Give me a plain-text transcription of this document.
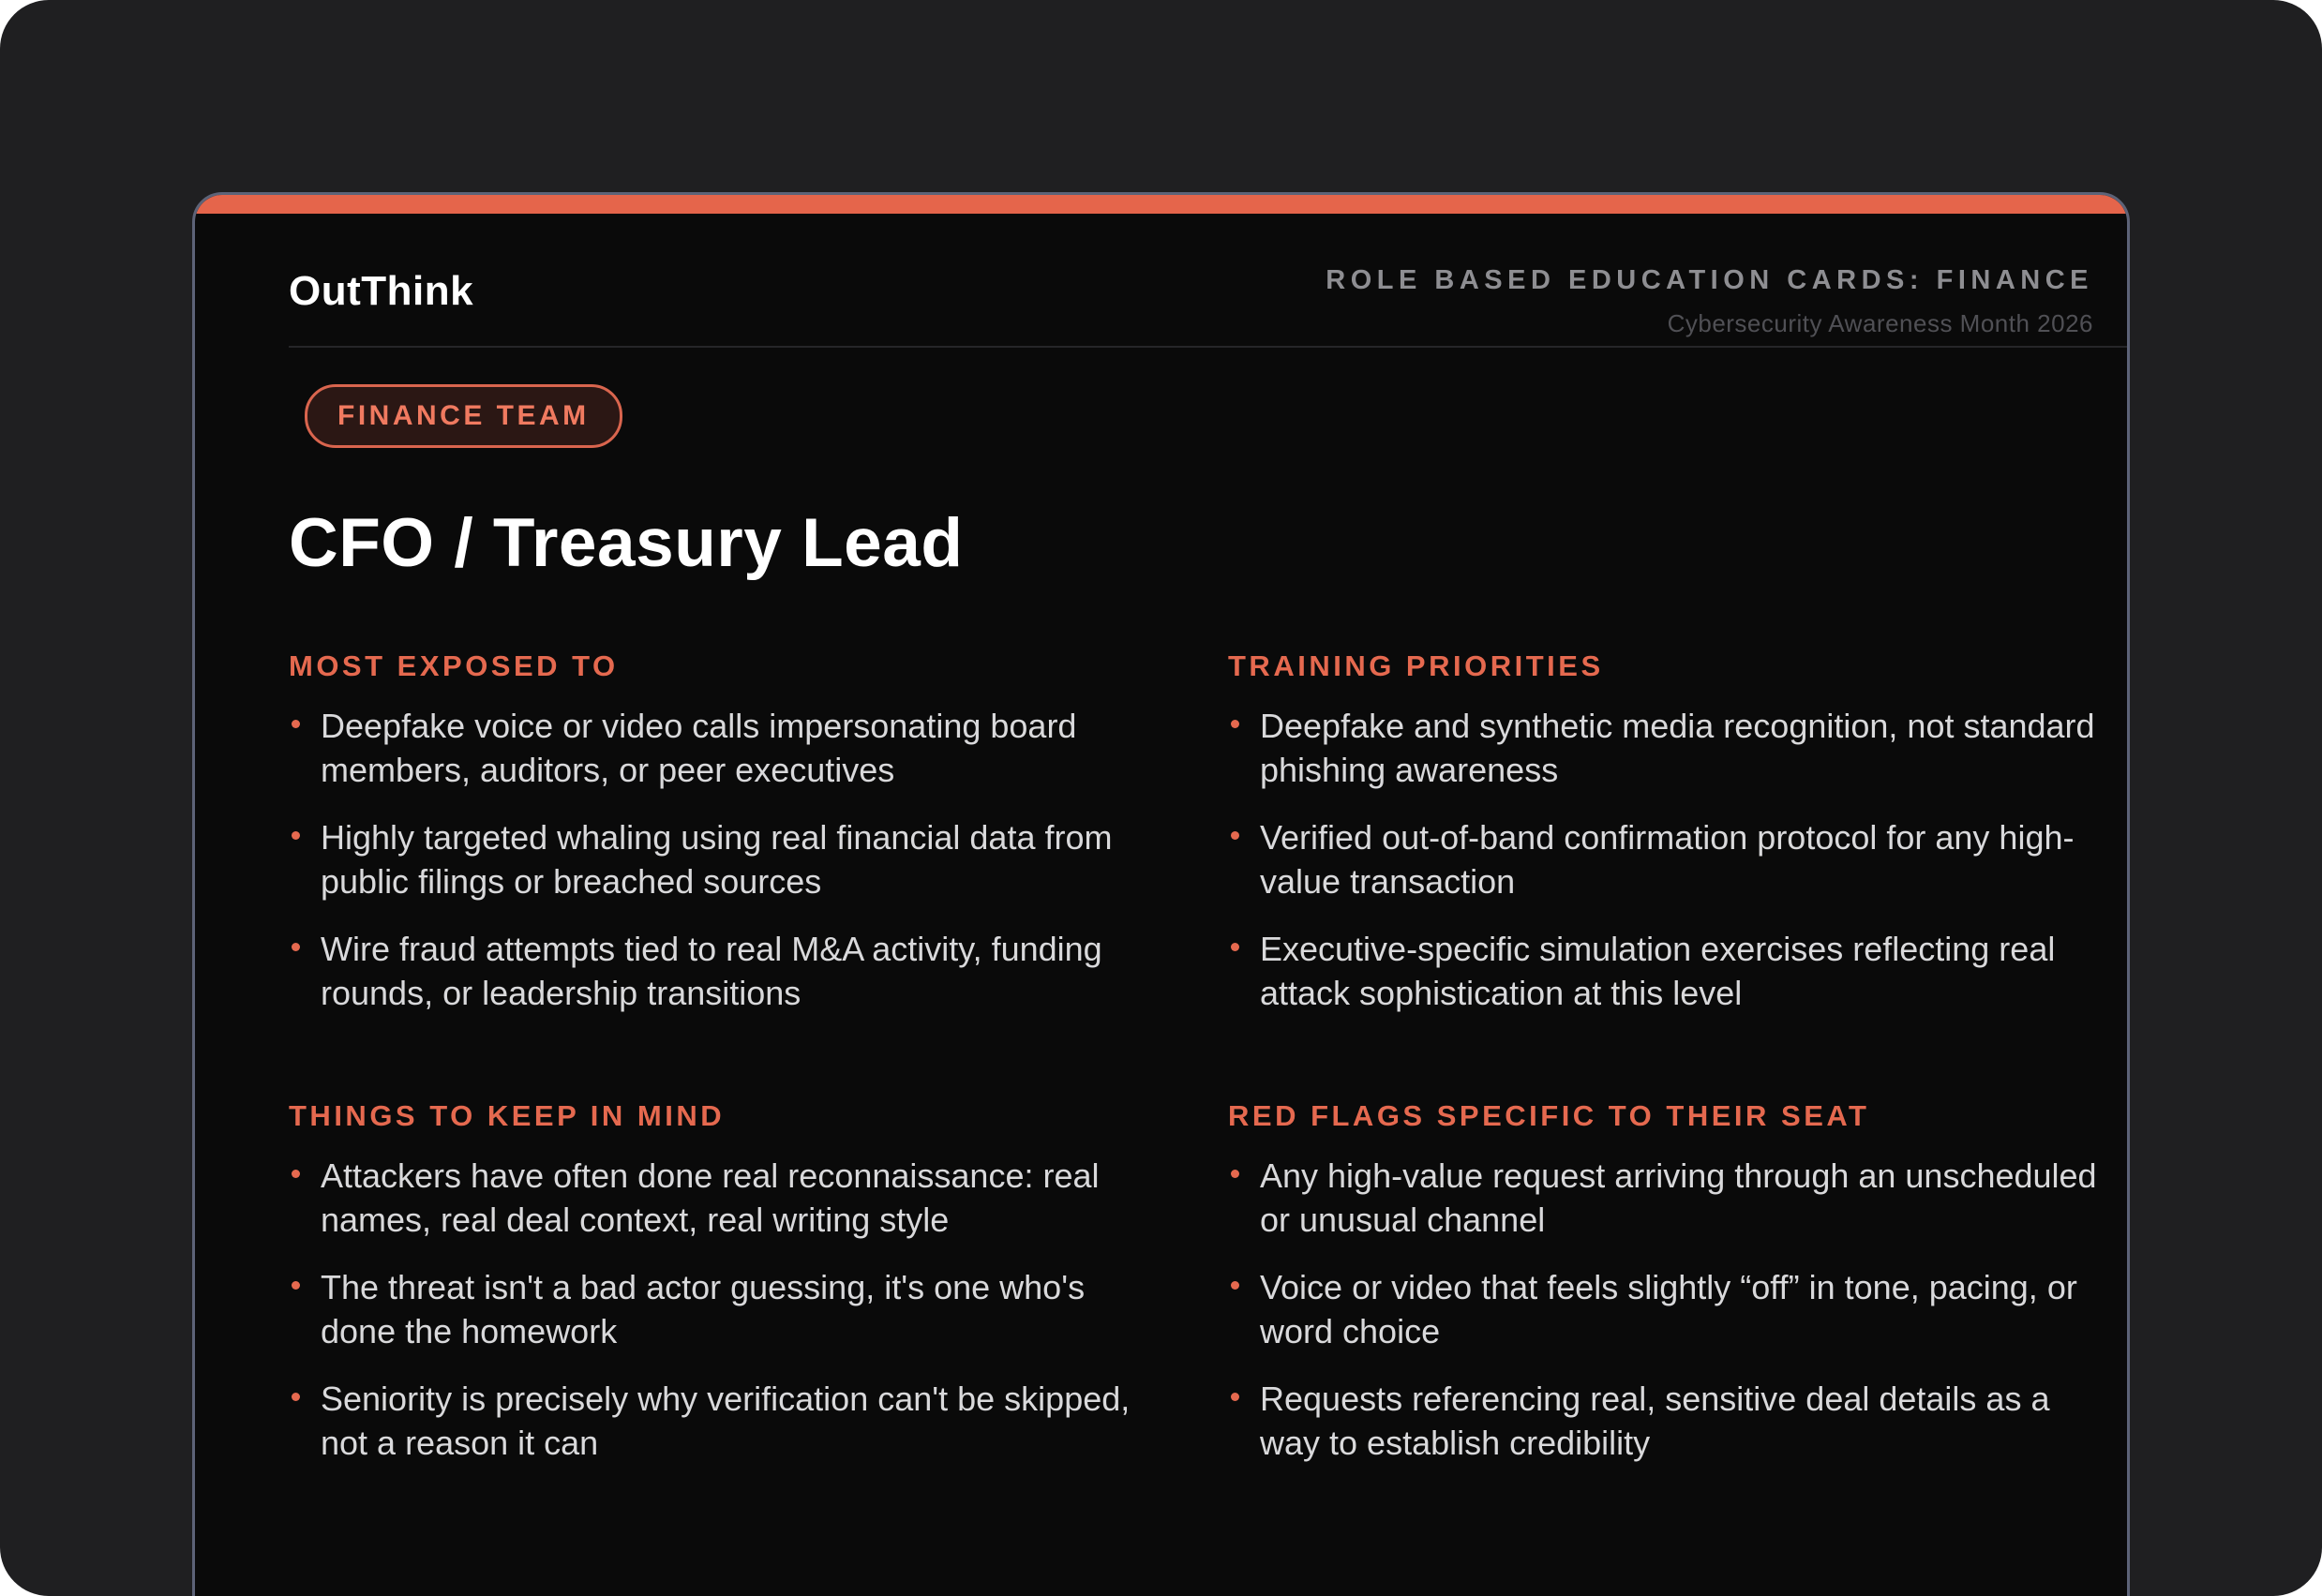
OutThink	ROLE BASED EDUCATION CARDS: FINANCE
Cybersecurity Awareness Month 2026
FINANCE TEAM
CFO / Treasury Lead
MOST EXPOSED TO
Deepfake voice or video calls impersonating board members, auditors, or peer executives
Highly targeted whaling using real financial data from public filings or breached sources
Wire fraud attempts tied to real M&A activity, funding rounds, or leadership transitions
TRAINING PRIORITIES
Deepfake and synthetic media recognition, not standard phishing awareness
Verified out-of-band confirmation protocol for any high-value transaction
Executive-specific simulation exercises reflecting real attack sophistication at this level
THINGS TO KEEP IN MIND
Attackers have often done real reconnaissance: real names, real deal context, real writing style
The threat isn't a bad actor guessing, it's one who's done the homework
Seniority is precisely why verification can't be skipped, not a reason it can
RED FLAGS SPECIFIC TO THEIR SEAT
Any high-value request arriving through an unscheduled or unusual channel
Voice or video that feels slightly “off” in tone, pacing, or word choice
Requests referencing real, sensitive deal details as a way to establish credibility
